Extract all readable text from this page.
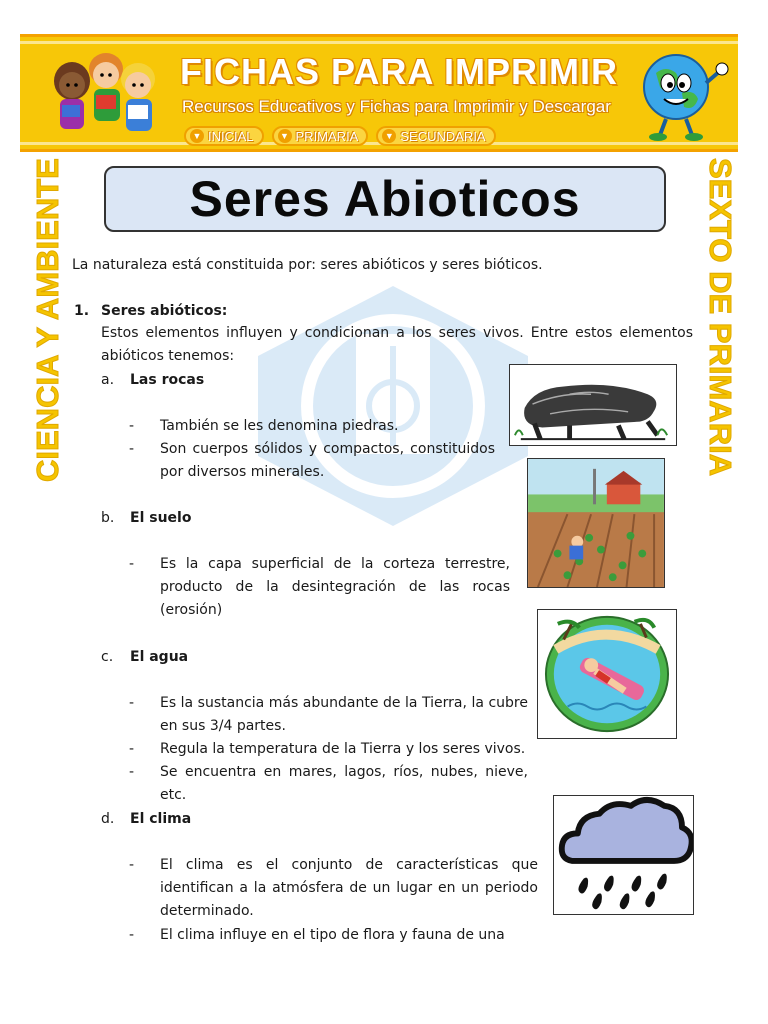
FICHAS PARA IMPRIMIR
Recursos Educativos y Fichas para Imprimir y Descargar
▼ INICIAL	▼ PRIMARIA	▼ SECUNDARIA
CIENCIA Y AMBIENTE	SEXTO DE PRIMARIA
Seres Abioticos
La naturaleza está constituida por: seres abióticos y seres bióticos.
1. Seres abióticos:
Estos elementos influyen y condicionan a los seres vivos. Entre estos elementos abióticos tenemos:
a. Las rocas
- También se les denomina piedras.
- Son cuerpos sólidos y compactos, constituidos por diversos minerales.
b. El suelo
- Es la capa superficial de la corteza terrestre, producto de la desintegración de las rocas (erosión)
c. El agua
- Es la sustancia más abundante de la Tierra, la cubre en sus 3/4 partes.
- Regula la temperatura de la Tierra y los seres vivos.
- Se encuentra en mares, lagos, ríos, nubes, nieve, etc.
d. El clima
- El clima es el conjunto de características que identifican a la atmósfera de un lugar en un periodo determinado.
- El clima influye en el tipo de flora y fauna de una
